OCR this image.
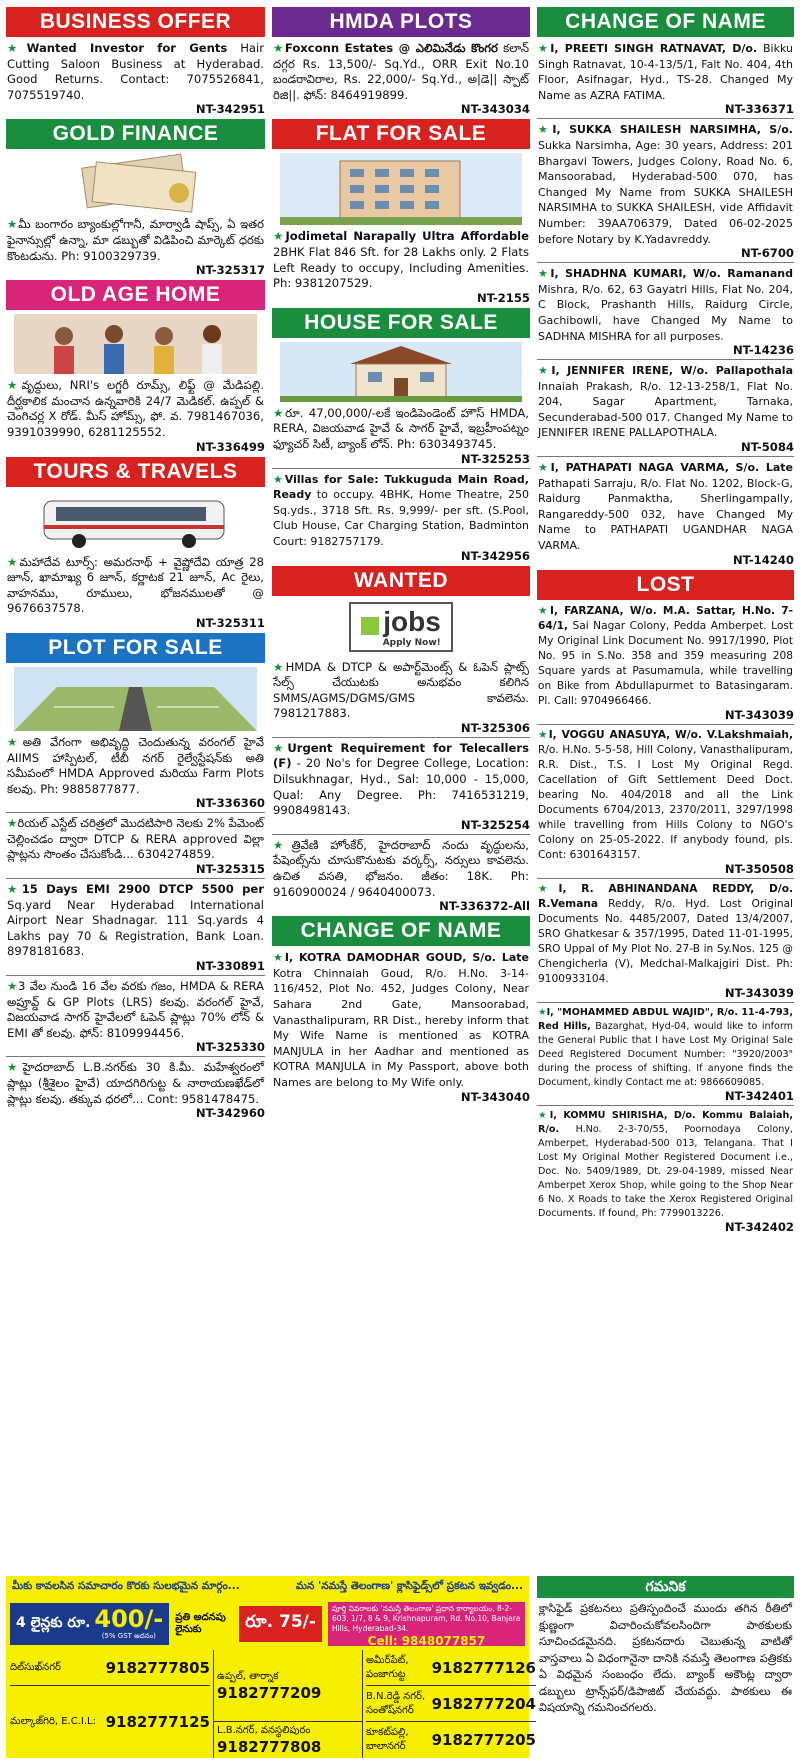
BUSINESS OFFER
★Wanted Investor for Gents Hair Cutting Saloon Business at Hyderabad. Good Returns. Contact: 7075526841, 7075519740.
NT-342951
GOLD FINANCE
★మీ బంగారం బ్యాంకుల్లోగానీ, మార్వాడీ షాప్స్, ఏ ఇతర ఫైనాన్సుల్లో ఉన్నా, మా డబ్బుతో విడిపించి మార్కెట్ ధరకు కొంటడును. Ph: 9100329739.
NT-325317
OLD AGE HOME
★వృద్ధులు, NRI's లగ్జరీ రూమ్స్, లిఫ్ట్ @ మేడిపల్లి. దీర్ఘకాలిక మంచాన ఉన్నవారికి 24/7 మెడికల్. ఉప్పల్ & చెంగిచర్ల X రోడ్. మీస్ హోమ్స్, ఫో. వ. 7981467036, 9391039990, 6281125552.
NT-336499
TOURS & TRAVELS
★మహాదేవ టూర్స్: అమరనాథ్ + వైష్ణోదేవి యాత్ర 28 జూన్, ఖామాఖ్య 6 జూన్, కర్ణాటక 21 జూన్, Ac రైలు, వాహనము, రూములు, భోజనములతో @ 9676637578.
NT-325311
PLOT FOR SALE
★అతి వేగంగా అభివృద్ధి చెందుతున్న వరంగల్ హైవే AIIMS హాస్పిటల్, టీబీ నగర్ రైల్వేస్టేషన్‌కు అతి సమీపంలో HMDA Approved మరియు Farm Plots కలవు. Ph: 9885877877.
NT-336360
★రియల్ ఎస్టేట్ చరిత్రలో మొదటిసారి నెలకు 2% పేమెంట్ చెల్లించడం ద్వారా DTCP & RERA approved విల్లా ప్లాట్లను సొంతం చేసుకోండి... 6304274859.
NT-325315
★15 Days EMI 2900 DTCP 5500 per Sq.yard Near Hyderabad International Airport Near Shadnagar. 111 Sq.yards 4 Lakhs pay 70 & Registration, Bank Loan. 8978181683.
NT-330891
★3 వేల నుండి 16 వేల వరకు గజం, HMDA & RERA అప్రూవ్డ్ & GP Plots (LRS) కలవు. వరంగల్ హైవే, విజయవాడ సాగర్ హైవేలలో ఓపెన్ ప్లాట్లు 70% లోన్ & EMI తో కలవు. ఫోన్: 8109994456.
NT-325330
★హైదరాబాద్ L.B.నగర్‌కు 30 కి.మీ. మహేశ్వరంలో ప్లాట్లు (శ్రీశైలం హైవే) యాదగిరిగుట్ట & నారాయణఖేడ్‌లో ప్లాట్లు కలవు. తక్కువ ధరలో... Cont: 9581478475.
NT-342960
HMDA PLOTS
★Foxconn Estates @ ఎలిమినేడు కొంగర కలాన్ దగ్గర Rs. 13,500/- Sq.Yd., ORR Exit No.10 బండరావిరాల, Rs. 22,000/- Sq.Yd., అ|డె|| స్పాట్ రిజి||. ఫోన్: 8464919899.
NT-343034
FLAT FOR SALE
★Jodimetal Narapally Ultra Affordable 2BHK Flat 846 Sft. for 28 Lakhs only. 2 Flats Left Ready to occupy, Including Amenities. Ph: 9381207529.
NT-2155
HOUSE FOR SALE
★రూ. 47,00,000/-లకే ఇండిపెండెంట్ హౌస్ HMDA, RERA, విజయవాడ హైవే & సాగర్ హైవే, ఇబ్రహీంపట్నం ఫ్యూచర్ సిటీ, బ్యాంక్ లోన్. Ph: 6303493745.
NT-325253
★Villas for Sale: Tukkuguda Main Road, Ready to occupy. 4BHK, Home Theatre, 250 Sq.yds., 3718 Sft. Rs. 9,999/- per sft. (S.Pool, Club House, Car Charging Station, Badminton Court: 9182757179.
NT-342956
WANTED
jobs
Apply Now!
★HMDA & DTCP & అపార్ట్‌మెంట్స్ & ఓపెన్ ప్లాట్స్ సేల్స్ చేయుటకు అనుభవం కలిగిన SMMS/AGMS/DGMS/GMS కావలెను. 7981217883.
NT-325306
★Urgent Requirement for Telecallers (F) - 20 No's for Degree College, Location: Dilsukhnagar, Hyd., Sal: 10,000 - 15,000, Qual: Any Degree. Ph: 7416531219, 9908498143.
NT-325254
★త్రివేణి హోంకేర్, హైదరాబాద్ నందు వృద్ధులను, పేషెంట్స్‌ను చూసుకొనుటకు వర్కర్స్, నర్సులు కావలెను. ఉచిత వసతి, భోజనం. జీతం: 18K. Ph: 9160900024 / 9640400073.
NT-336372-All
CHANGE OF NAME
★I, KOTRA DAMODHAR GOUD, S/o. Late Kotra Chinnaiah Goud, R/o. H.No. 3-14-116/452, Plot No. 452, Judges Colony, Near Sahara 2nd Gate, Mansoorabad, Vanasthalipuram, RR Dist., hereby inform that My Wife Name is mentioned as KOTRA MANJULA in her Aadhar and mentioned as KOTRA MANJULA in My Passport, above both Names are belong to My Wife only.
NT-343040
CHANGE OF NAME
★I, PREETI SINGH RATNAVAT, D/o. Bikku Singh Ratnavat, 10-4-13/5/1, Falt No. 404, 4th Floor, Asifnagar, Hyd., TS-28. Changed My Name as AZRA FATIMA.
NT-336371
★I, SUKKA SHAILESH NARSIMHA, S/o. Sukka Narsimha, Age: 30 years, Address: 201 Bhargavi Towers, Judges Colony, Road No. 6, Mansoorabad, Hyderabad-500 070, has Changed My Name from SUKKA SHAILESH NARSIMHA to SUKKA SHAILESH, vide Affidavit Number: 39AA706379, Dated 06-02-2025 before Notary by K.Yadavreddy.
NT-6700
★I, SHADHNA KUMARI, W/o. Ramanand Mishra, R/o. 62, 63 Gayatri Hills, Flat No. 204, C Block, Prashanth Hills, Raidurg Circle, Gachibowli, have Changed My Name to SADHNA MISHRA for all purposes.
NT-14236
★I, JENNIFER IRENE, W/o. Pallapothala Innaiah Prakash, R/o. 12-13-258/1, Flat No. 204, Sagar Apartment, Tarnaka, Secunderabad-500 017. Changed My Name to JENNIFER IRENE PALLAPOTHALA.
NT-5084
★I, PATHAPATI NAGA VARMA, S/o. Late Pathapati Sarraju, R/o. Flat No. 1202, Block-G, Raidurg Panmaktha, Sherlingampally, Rangareddy-500 032, have Changed My Name to PATHAPATI UGANDHAR NAGA VARMA.
NT-14240
LOST
★I, FARZANA, W/o. M.A. Sattar, H.No. 7-64/1, Sai Nagar Colony, Pedda Amberpet. Lost My Original Link Document No. 9917/1990, Plot No. 95 in S.No. 358 and 359 measuring 208 Square yards at Pasumamula, while travelling on Bike from Abdullapurmet to Batasingaram. Pl. Call: 9704966466.
NT-343039
★I, VOGGU ANASUYA, W/o. V.Lakshmaiah, R/o. H.No. 5-5-58, Hill Colony, Vanasthalipuram, R.R. Dist., T.S. I Lost My Original Regd. Cacellation of Gift Settlement Deed Doct. bearing No. 404/2018 and all the Link Documents 6704/2013, 2370/2011, 3297/1998 while travelling from Hills Colony to NGO's Colony on 25-05-2022. If anybody found, pls. Cont: 6301643157.
NT-350508
★I, R. ABHINANDANA REDDY, D/o. R.Vemana Reddy, R/o. Hyd. Lost Original Documents No. 4485/2007, Dated 13/4/2007, SRO Ghatkesar & 357/1995, Dated 11-01-1995, SRO Uppal of My Plot No. 27-B in Sy.Nos. 125 @ Chengicherla (V), Medchal-Malkajgiri Dist. Ph: 9100933104.
NT-343039
★I, "MOHAMMED ABDUL WAJID", R/o. 11-4-793, Red Hills, Bazarghat, Hyd-04, would like to inform the General Public that I have Lost My Original Sale Deed Registered Document Number: "3920/2003" during the process of shifting. If anyone finds the Document, kindly Contact me at: 9866609085.
NT-342401
★I, KOMMU SHIRISHA, D/o. Kommu Balaiah, R/o. H.No. 2-3-70/55, Poornodaya Colony, Amberpet, Hyderabad-500 013, Telangana. That I Lost My Original Mother Registered Document i.e., Doc. No. 5409/1989, Dt. 29-04-1989, missed Near Amberpet Xerox Shop, while going to the Shop Near 6 No. X Roads to take the Xerox Registered Original Documents. If found, Ph: 7799013226.
NT-342402
మీకు కావలసిన సమాచారం కొరకు సులభమైన మార్గం...	మన 'నమస్తే తెలంగాణ' క్లాసిఫైడ్స్‌లో ప్రకటన ఇవ్వడం...
4 లైన్లకు రూ. 400/-
(5% GST అదనం)
ప్రతి అదనపు లైనుకు	రూ. 75/-
పూర్తి వివరాలకు 'నమస్తే తెలంగాణ' ప్రధాన కార్యాలయం, 8-2-603, 1/7, 8 & 9, Krishnapuram, Rd. No.10, Banjara Hills, Hyderabad-34.
Cell: 9848077857
దిల్‌సుఖ్‌నగర్	9182777805
మల్కాజ్‌గిరి, E.C.I.L: 9182777125
ఉప్పల్, తార్నాక
9182777209
L.B.నగర్, వనస్థలిపురం
9182777808
అమీర్‌పేట్, పంజాగుట్ట	9182777126
B.N.రెడ్డి నగర్, సంతోష్‌నగర్	9182777204
కూకట్‌పల్లి, బాలానగర్	9182777205
గమనిక
క్లాసిఫైడ్ ప్రకటనలు ప్రతిస్పందించే ముందు తగిన రీతిలో క్షుణ్ణంగా విచారించుకోవలసిందిగా పాఠకులకు సూచించడమైనది. ప్రకటనదారు చెబుతున్న వాటితో వాస్తవాలు ఏ విధంగానైనా దానికి నమస్తే తెలంగాణ పత్రికకు ఏ విధమైన సంబంధం లేదు. బ్యాంక్ అకౌంట్ల ద్వారా డబ్బులు ట్రాన్స్‌ఫర్/డిపాజిట్ చేయవద్దు. పాఠకులు ఈ విషయాన్ని గమనించగలరు.
